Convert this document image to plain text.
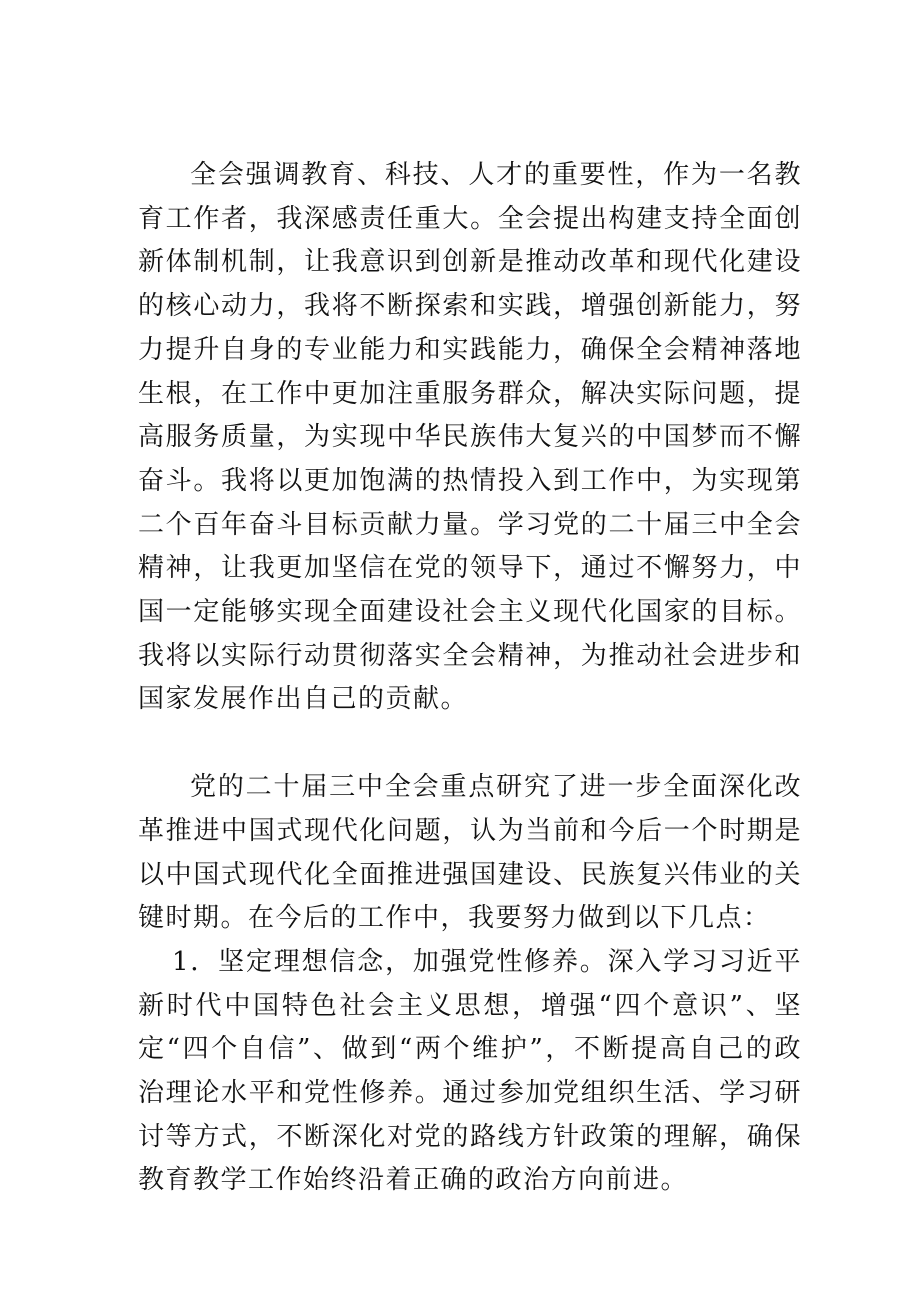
全会强调教育、科技、人才的重要性，作为一名教育工作者，我深感责任重大。全会提出构建支持全面创新体制机制，让我意识到创新是推动改革和现代化建设的核心动力，我将不断探索和实践，增强创新能力，努力提升自身的专业能力和实践能力，确保全会精神落地生根，在工作中更加注重服务群众，解决实际问题，提高服务质量，为实现中华民族伟大复兴的中国梦而不懈奋斗。我将以更加饱满的热情投入到工作中，为实现第二个百年奋斗目标贡献力量。学习党的二十届三中全会精神，让我更加坚信在党的领导下，通过不懈努力，中国一定能够实现全面建设社会主义现代化国家的目标。我将以实际行动贯彻落实全会精神，为推动社会进步和国家发展作出自己的贡献。

党的二十届三中全会重点研究了进一步全面深化改革推进中国式现代化问题，认为当前和今后一个时期是以中国式现代化全面推进强国建设、民族复兴伟业的关键时期。在今后的工作中，我要努力做到以下几点：

1．坚定理想信念，加强党性修养。深入学习习近平新时代中国特色社会主义思想，增强“四个意识”、坚定“四个自信”、做到“两个维护”，不断提高自己的政治理论水平和党性修养。通过参加党组织生活、学习研讨等方式，不断深化对党的路线方针政策的理解，确保教育教学工作始终沿着正确的政治方向前进。
